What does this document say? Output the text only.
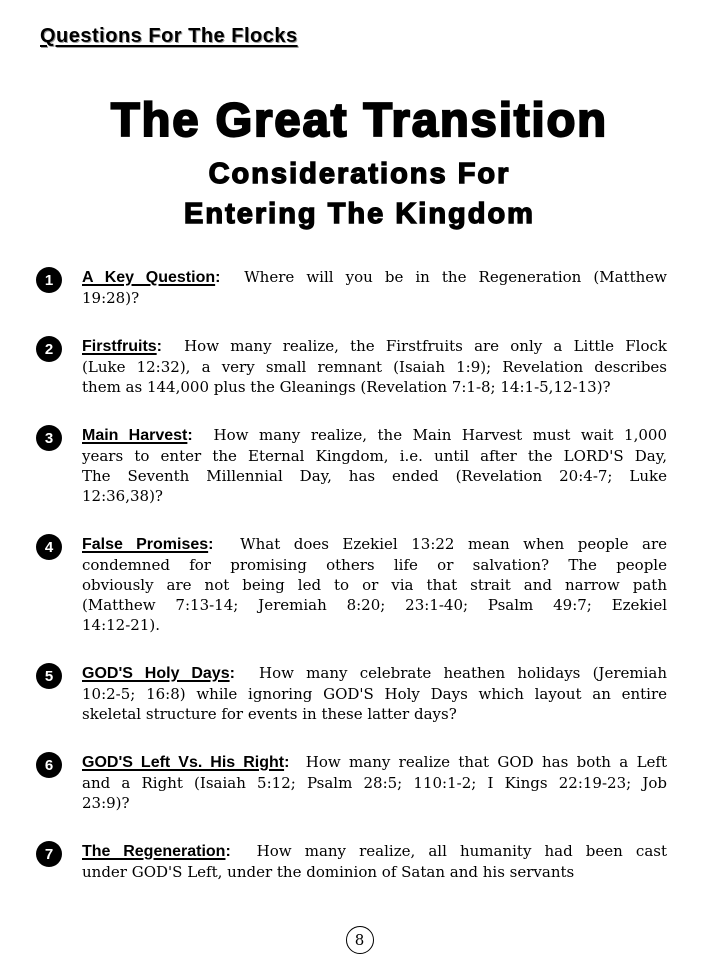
Questions For The Flocks
The Great Transition
Considerations For
Entering The Kingdom
1	A Key Question:  Where will you be in the Regeneration (Matthew
19:28)?
2	Firstfruits:  How many realize, the Firstfruits are only a Little Flock
(Luke 12:32), a very small remnant (Isaiah 1:9); Revelation describes
them as 144,000 plus the Gleanings (Revelation 7:1-8; 14:1-5,12-13)?
3	Main Harvest:  How many realize, the Main Harvest must wait 1,000
years to enter the Eternal Kingdom, i.e. until after the LORD'S Day,
The Seventh Millennial Day, has ended (Revelation 20:4-7; Luke
12:36,38)?
4	False Promises:  What does Ezekiel 13:22 mean when people are
condemned for promising others life or salvation? The people
obviously are not being led to or via that strait and narrow path
(Matthew 7:13-14; Jeremiah 8:20; 23:1-40; Psalm 49:7; Ezekiel
14:12-21).
5	GOD'S Holy Days:  How many celebrate heathen holidays (Jeremiah
10:2-5; 16:8) while ignoring GOD'S Holy Days which layout an entire
skeletal structure for events in these latter days?
6	GOD'S Left Vs. His Right:  How many realize that GOD has both a Left
and a Right (Isaiah 5:12; Psalm 28:5; 110:1-2; I Kings 22:19-23; Job
23:9)?
7	The Regeneration:  How many realize, all humanity had been cast
under GOD'S Left, under the dominion of Satan and his servants
8
